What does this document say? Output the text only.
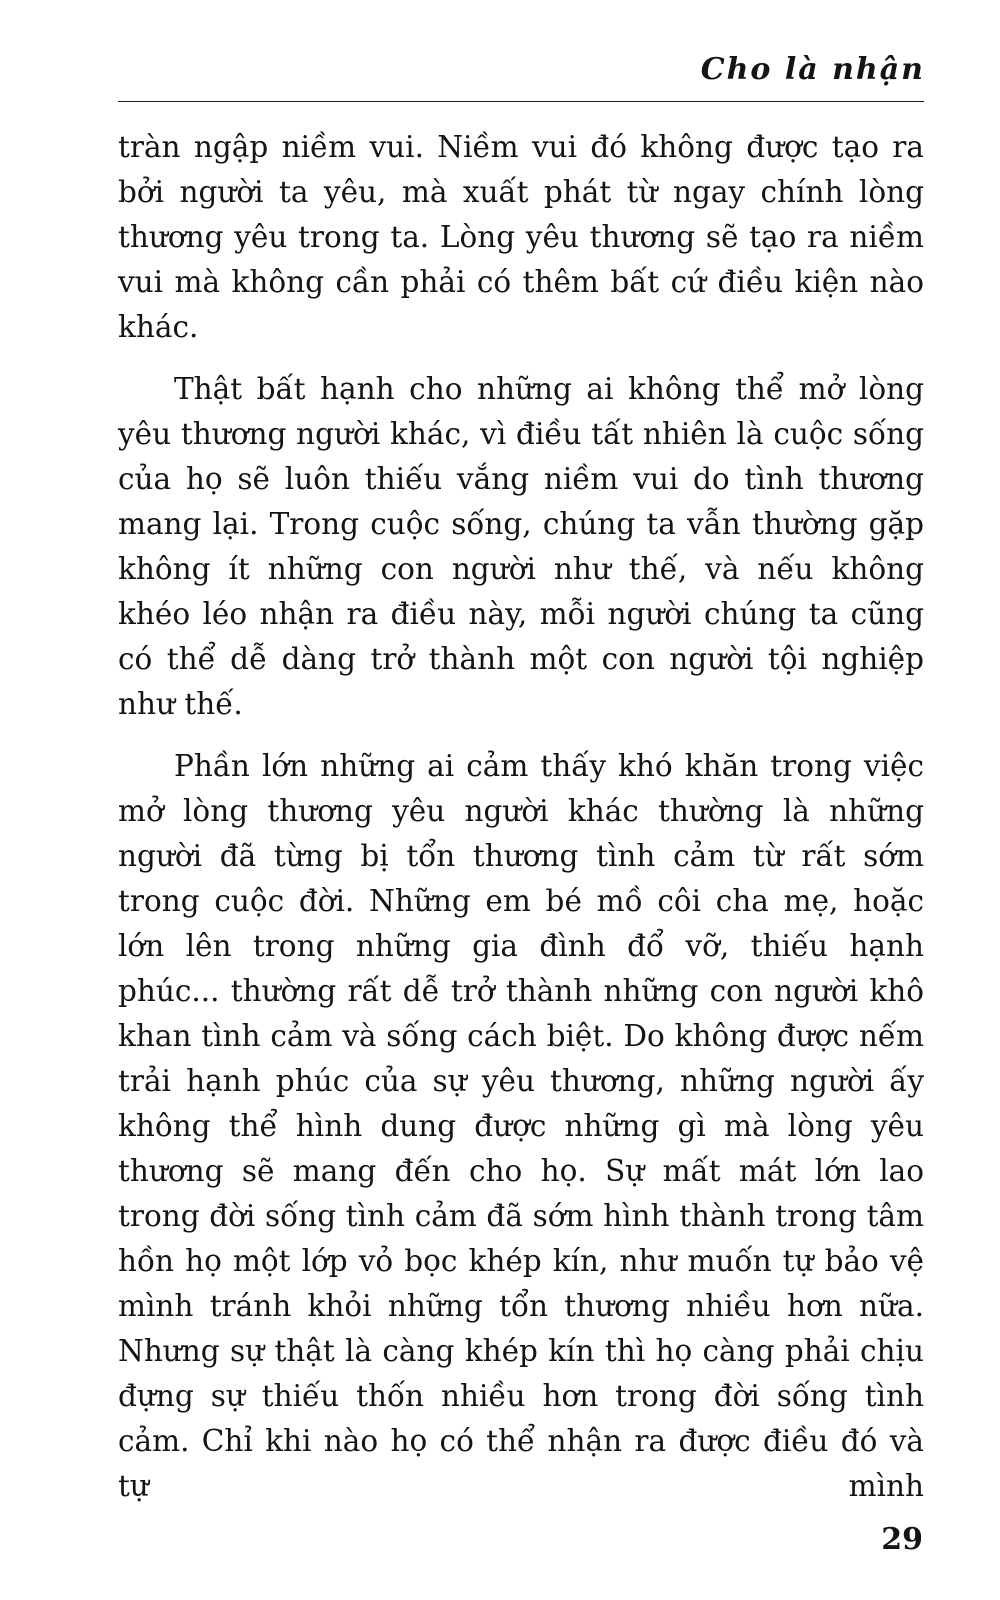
Cho là nhận

tràn ngập niềm vui. Niềm vui đó không được tạo ra bởi người ta yêu, mà xuất phát từ ngay chính lòng thương yêu trong ta. Lòng yêu thương sẽ tạo ra niềm vui mà không cần phải có thêm bất cứ điều kiện nào khác.

Thật bất hạnh cho những ai không thể mở lòng yêu thương người khác, vì điều tất nhiên là cuộc sống của họ sẽ luôn thiếu vắng niềm vui do tình thương mang lại. Trong cuộc sống, chúng ta vẫn thường gặp không ít những con người như thế, và nếu không khéo léo nhận ra điều này, mỗi người chúng ta cũng có thể dễ dàng trở thành một con người tội nghiệp như thế.

Phần lớn những ai cảm thấy khó khăn trong việc mở lòng thương yêu người khác thường là những người đã từng bị tổn thương tình cảm từ rất sớm trong cuộc đời. Những em bé mồ côi cha mẹ, hoặc lớn lên trong những gia đình đổ vỡ, thiếu hạnh phúc... thường rất dễ trở thành những con người khô khan tình cảm và sống cách biệt. Do không được nếm trải hạnh phúc của sự yêu thương, những người ấy không thể hình dung được những gì mà lòng yêu thương sẽ mang đến cho họ. Sự mất mát lớn lao trong đời sống tình cảm đã sớm hình thành trong tâm hồn họ một lớp vỏ bọc khép kín, như muốn tự bảo vệ mình tránh khỏi những tổn thương nhiều hơn nữa. Nhưng sự thật là càng khép kín thì họ càng phải chịu đựng sự thiếu thốn nhiều hơn trong đời sống tình cảm. Chỉ khi nào họ có thể nhận ra được điều đó và tự mình

29
